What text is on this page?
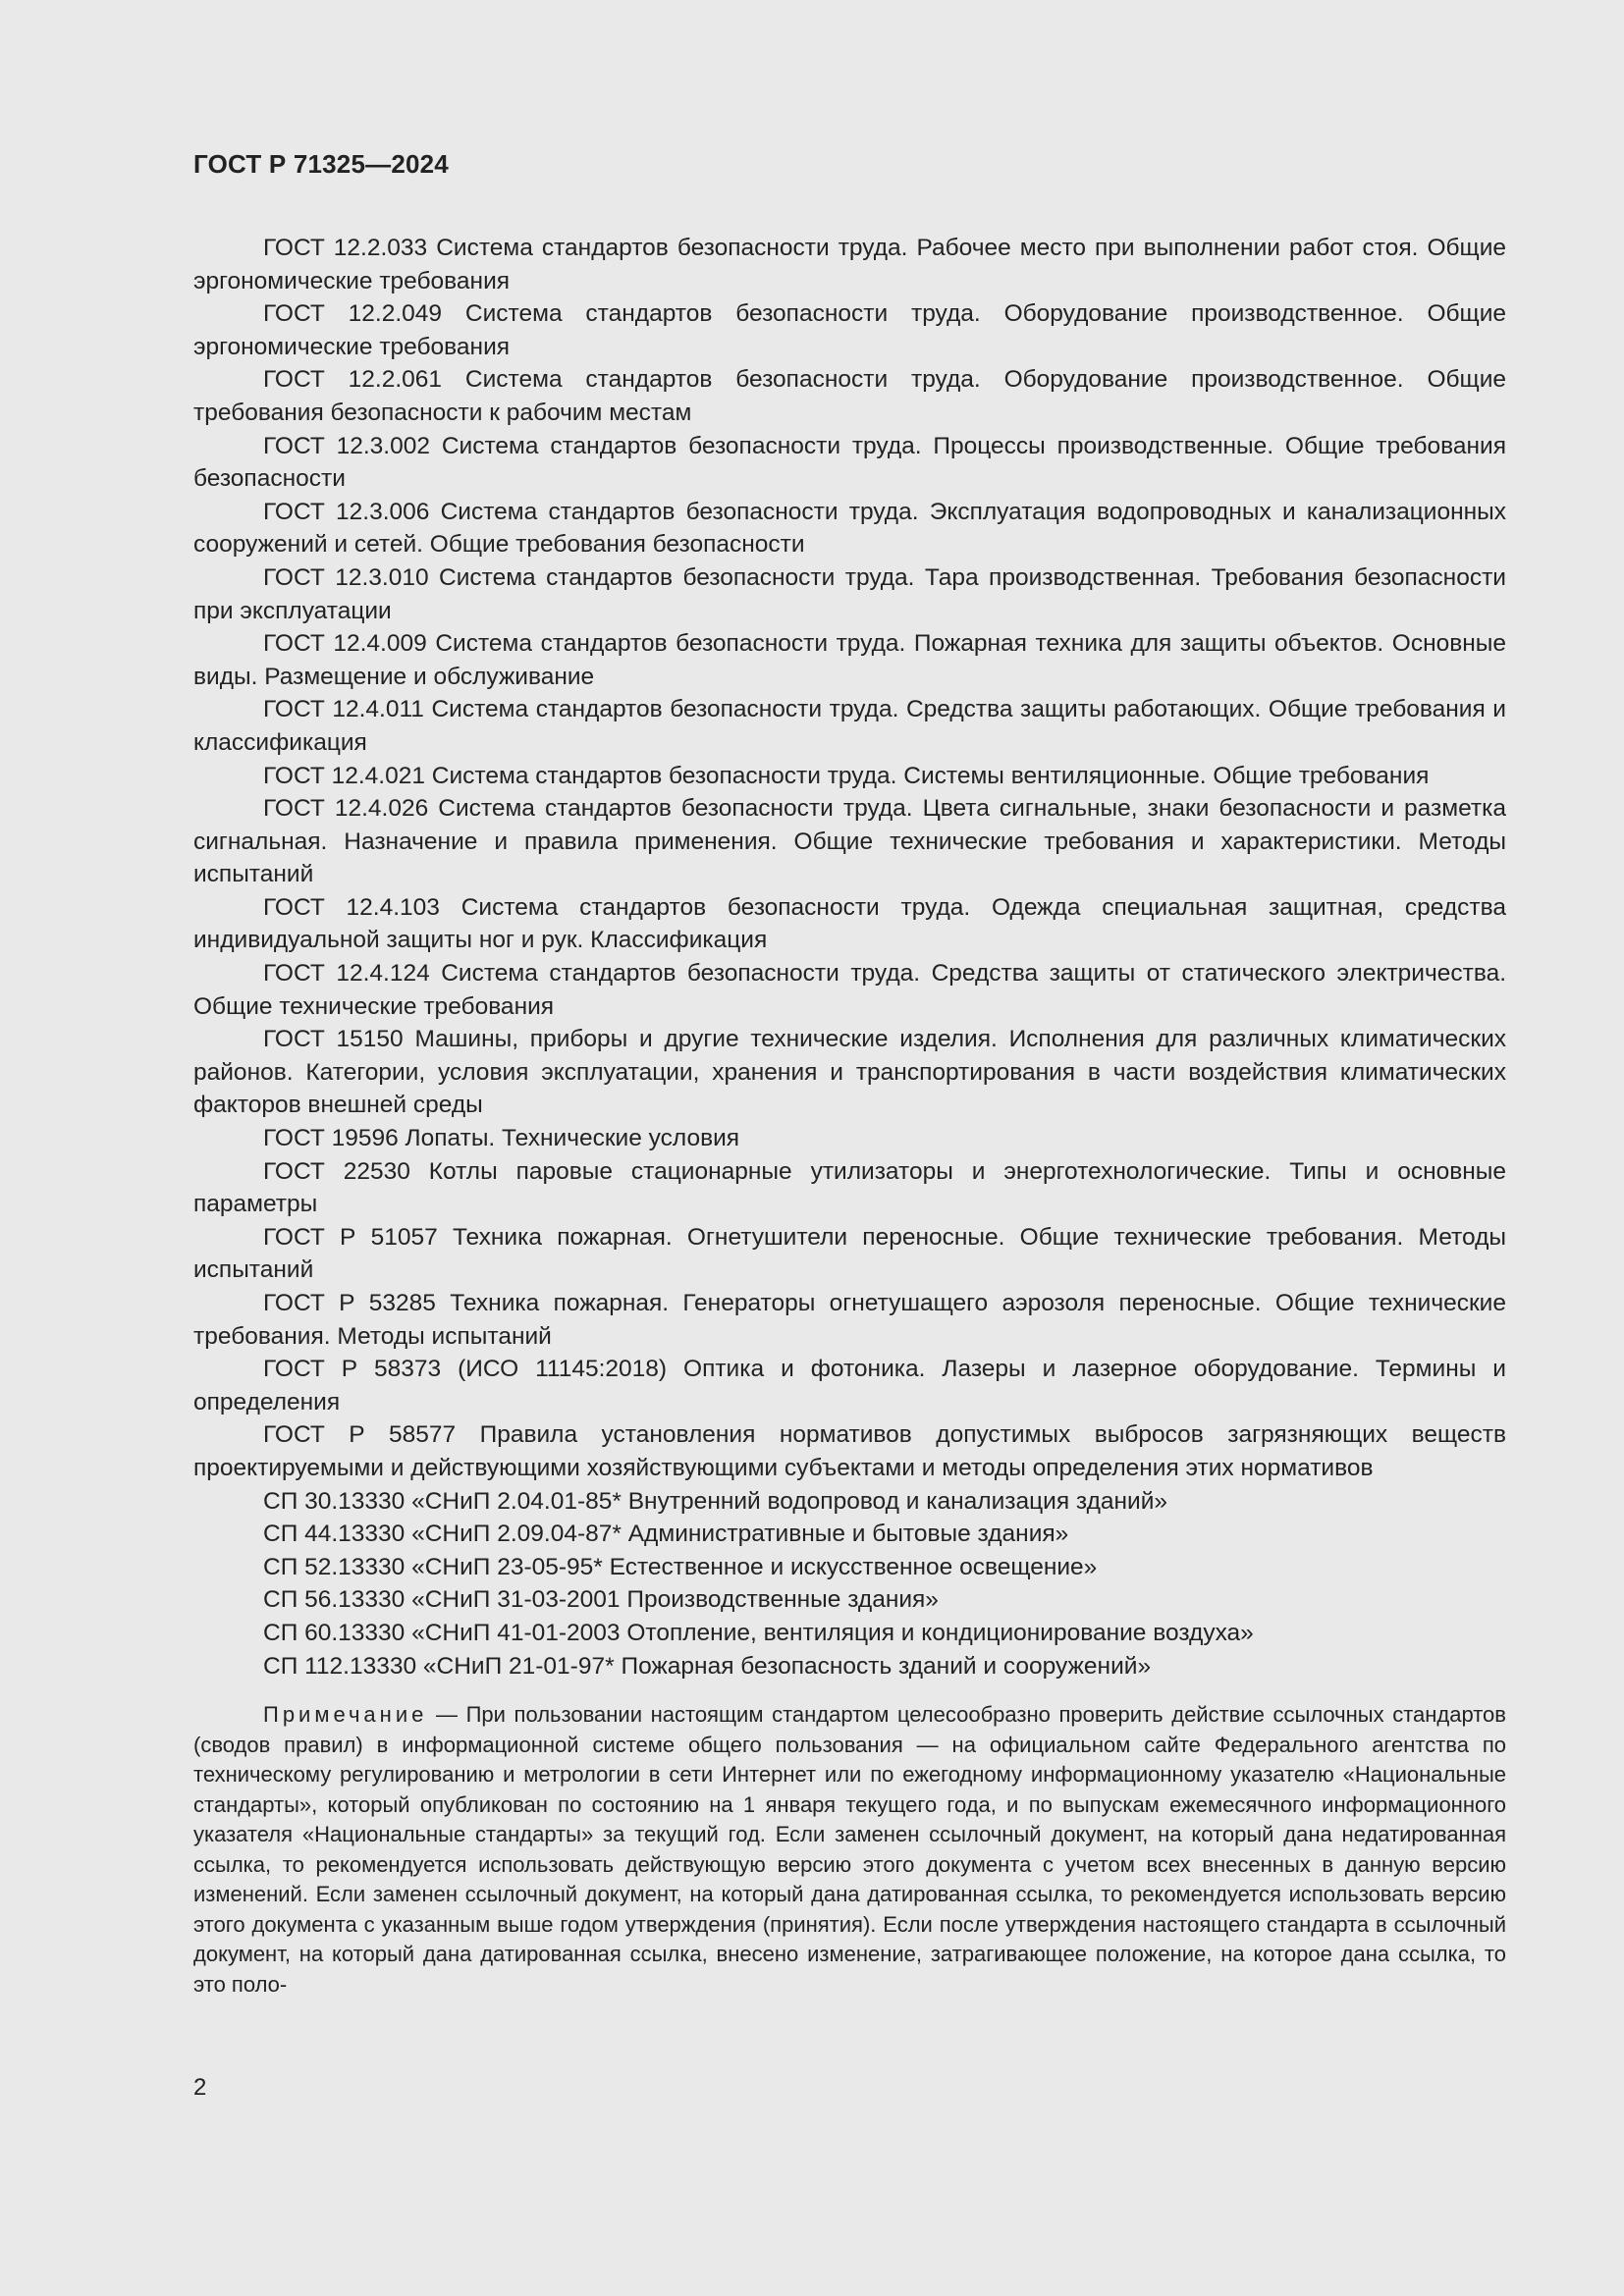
ГОСТ Р 71325—2024

ГОСТ 12.2.033 Система стандартов безопасности труда. Рабочее место при выполнении работ стоя. Общие эргономические требования

ГОСТ 12.2.049 Система стандартов безопасности труда. Оборудование производственное. Общие эргономические требования

ГОСТ 12.2.061 Система стандартов безопасности труда. Оборудование производственное. Общие требования безопасности к рабочим местам

ГОСТ 12.3.002 Система стандартов безопасности труда. Процессы производственные. Общие требования безопасности

ГОСТ 12.3.006 Система стандартов безопасности труда. Эксплуатация водопроводных и канализационных сооружений и сетей. Общие требования безопасности

ГОСТ 12.3.010 Система стандартов безопасности труда. Тара производственная. Требования безопасности при эксплуатации

ГОСТ 12.4.009 Система стандартов безопасности труда. Пожарная техника для защиты объектов. Основные виды. Размещение и обслуживание

ГОСТ 12.4.011 Система стандартов безопасности труда. Средства защиты работающих. Общие требования и классификация

ГОСТ 12.4.021 Система стандартов безопасности труда. Системы вентиляционные. Общие требования

ГОСТ 12.4.026 Система стандартов безопасности труда. Цвета сигнальные, знаки безопасности и разметка сигнальная. Назначение и правила применения. Общие технические требования и характеристики. Методы испытаний

ГОСТ 12.4.103 Система стандартов безопасности труда. Одежда специальная защитная, средства индивидуальной защиты ног и рук. Классификация

ГОСТ 12.4.124 Система стандартов безопасности труда. Средства защиты от статического электричества. Общие технические требования

ГОСТ 15150 Машины, приборы и другие технические изделия. Исполнения для различных климатических районов. Категории, условия эксплуатации, хранения и транспортирования в части воздействия климатических факторов внешней среды

ГОСТ 19596 Лопаты. Технические условия

ГОСТ 22530 Котлы паровые стационарные утилизаторы и энерготехнологические. Типы и основные параметры

ГОСТ Р 51057 Техника пожарная. Огнетушители переносные. Общие технические требования. Методы испытаний

ГОСТ Р 53285 Техника пожарная. Генераторы огнетушащего аэрозоля переносные. Общие технические требования. Методы испытаний

ГОСТ Р 58373 (ИСО 11145:2018) Оптика и фотоника. Лазеры и лазерное оборудование. Термины и определения

ГОСТ Р 58577 Правила установления нормативов допустимых выбросов загрязняющих веществ проектируемыми и действующими хозяйствующими субъектами и методы определения этих нормативов

СП 30.13330 «СНиП 2.04.01-85* Внутренний водопровод и канализация зданий»

СП 44.13330 «СНиП 2.09.04-87* Административные и бытовые здания»

СП 52.13330 «СНиП 23-05-95* Естественное и искусственное освещение»

СП 56.13330 «СНиП 31-03-2001 Производственные здания»

СП 60.13330 «СНиП 41-01-2003 Отопление, вентиляция и кондиционирование воздуха»

СП 112.13330 «СНиП 21-01-97* Пожарная безопасность зданий и сооружений»

Примечание — При пользовании настоящим стандартом целесообразно проверить действие ссылочных стандартов (сводов правил) в информационной системе общего пользования — на официальном сайте Федерального агентства по техническому регулированию и метрологии в сети Интернет или по ежегодному информационному указателю «Национальные стандарты», который опубликован по состоянию на 1 января текущего года, и по выпускам ежемесячного информационного указателя «Национальные стандарты» за текущий год. Если заменен ссылочный документ, на который дана недатированная ссылка, то рекомендуется использовать действующую версию этого документа с учетом всех внесенных в данную версию изменений. Если заменен ссылочный документ, на который дана датированная ссылка, то рекомендуется использовать версию этого документа с указанным выше годом утверждения (принятия). Если после утверждения настоящего стандарта в ссылочный документ, на который дана датированная ссылка, внесено изменение, затрагивающее положение, на которое дана ссылка, то это поло-

2
